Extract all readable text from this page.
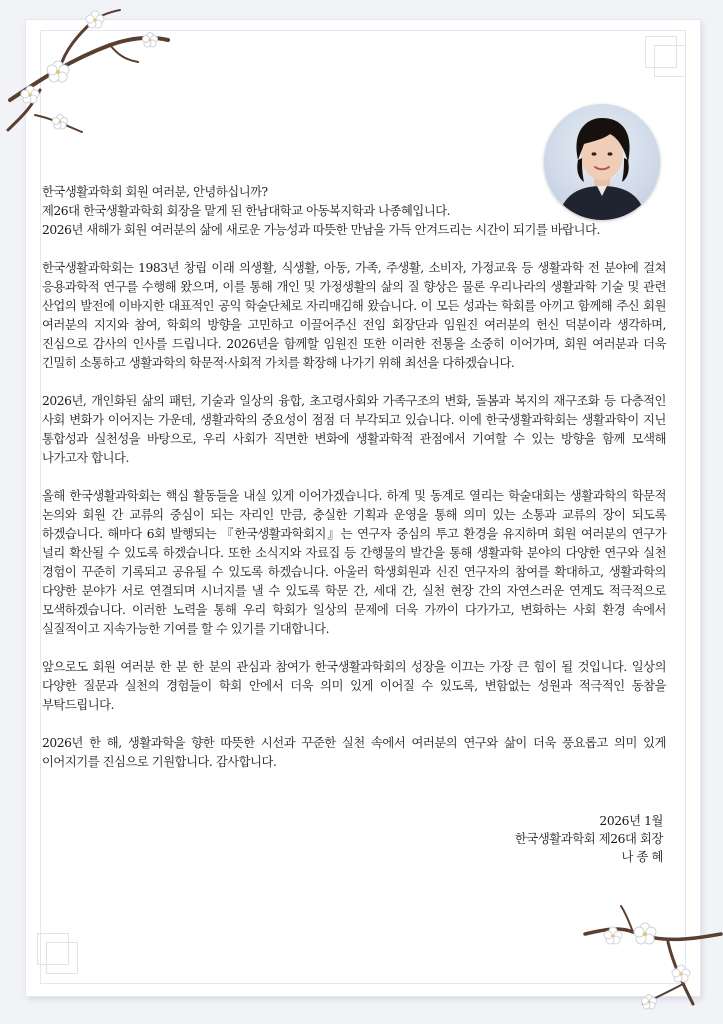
한국생활과학회 회원 여러분, 안녕하십니까?
제26대 한국생활과학회 회장을 맡게 된 한남대학교 아동복지학과 나종혜입니다.
2026년 새해가 회원 여러분의 삶에 새로운 가능성과 따뜻한 만남을 가득 안겨드리는 시간이 되기를 바랍니다.

한국생활과학회는 1983년 창립 이래 의생활, 식생활, 아동, 가족, 주생활, 소비자, 가정교육 등 생활과학 전 분야에 걸쳐 응용과학적 연구를 수행해 왔으며, 이를 통해 개인 및 가정생활의 삶의 질 향상은 물론 우리나라의 생활과학 기술 및 관련 산업의 발전에 이바지한 대표적인 공익 학술단체로 자리매김해 왔습니다. 이 모든 성과는 학회를 아끼고 함께해 주신 회원 여러분의 지지와 참여, 학회의 방향을 고민하고 이끌어주신 전임 회장단과 임원진 여러분의 헌신 덕분이라 생각하며, 진심으로 감사의 인사를 드립니다. 2026년을 함께할 임원진 또한 이러한 전통을 소중히 이어가며, 회원 여러분과 더욱 긴밀히 소통하고 생활과학의 학문적·사회적 가치를 확장해 나가기 위해 최선을 다하겠습니다.

2026년, 개인화된 삶의 패턴, 기술과 일상의 융합, 초고령사회와 가족구조의 변화, 돌봄과 복지의 재구조화 등 다층적인 사회 변화가 이어지는 가운데, 생활과학의 중요성이 점점 더 부각되고 있습니다. 이에 한국생활과학회는 생활과학이 지닌 통합성과 실천성을 바탕으로, 우리 사회가 직면한 변화에 생활과학적 관점에서 기여할 수 있는 방향을 함께 모색해 나가고자 합니다.

올해 한국생활과학회는 핵심 활동들을 내실 있게 이어가겠습니다. 하계 및 동계로 열리는 학술대회는 생활과학의 학문적 논의와 회원 간 교류의 중심이 되는 자리인 만큼, 충실한 기획과 운영을 통해 의미 있는 소통과 교류의 장이 되도록 하겠습니다. 해마다 6회 발행되는 『한국생활과학회지』는 연구자 중심의 투고 환경을 유지하며 회원 여러분의 연구가 널리 확산될 수 있도록 하겠습니다. 또한 소식지와 자료집 등 간행물의 발간을 통해 생활과학 분야의 다양한 연구와 실천 경험이 꾸준히 기록되고 공유될 수 있도록 하겠습니다. 아울러 학생회원과 신진 연구자의 참여를 확대하고, 생활과학의 다양한 분야가 서로 연결되며 시너지를 낼 수 있도록 학문 간, 세대 간, 실천 현장 간의 자연스러운 연계도 적극적으로 모색하겠습니다. 이러한 노력을 통해 우리 학회가 일상의 문제에 더욱 가까이 다가가고, 변화하는 사회 환경 속에서 실질적이고 지속가능한 기여를 할 수 있기를 기대합니다.

앞으로도 회원 여러분 한 분 한 분의 관심과 참여가 한국생활과학회의 성장을 이끄는 가장 큰 힘이 될 것입니다. 일상의 다양한 질문과 실천의 경험들이 학회 안에서 더욱 의미 있게 이어질 수 있도록, 변함없는 성원과 적극적인 동참을 부탁드립니다.

2026년 한 해, 생활과학을 향한 따뜻한 시선과 꾸준한 실천 속에서 여러분의 연구와 삶이 더욱 풍요롭고 의미 있게 이어지기를 진심으로 기원합니다. 감사합니다.

2026년 1월
한국생활과학회 제26대 회장
나 종 혜
